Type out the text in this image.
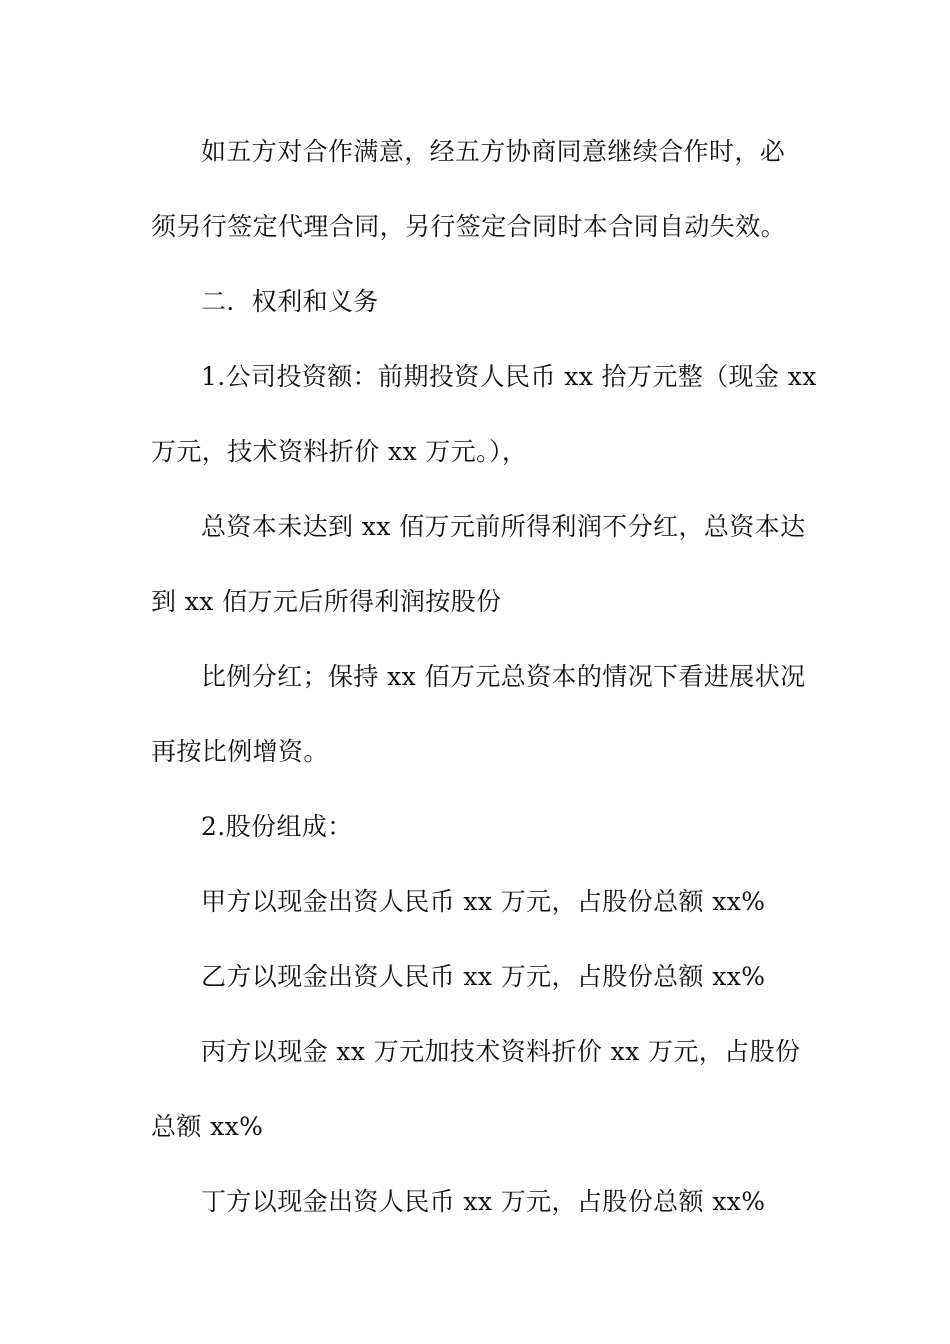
如五方对合作满意，经五方协商同意继续合作时，必
须另行签定代理合同，另行签定合同时本合同自动失效。
二．权利和义务
1.公司投资额：前期投资人民币 xx 拾万元整（现金 xx
万元，技术资料折价 xx 万元。），
总资本未达到 xx 佰万元前所得利润不分红，总资本达
到 xx 佰万元后所得利润按股份
比例分红；保持 xx 佰万元总资本的情况下看进展状况
再按比例增资。
2.股份组成：
甲方以现金出资人民币 xx 万元，占股份总额 xx%
乙方以现金出资人民币 xx 万元，占股份总额 xx%
丙方以现金 xx 万元加技术资料折价 xx 万元，占股份
总额 xx%
丁方以现金出资人民币 xx 万元，占股份总额 xx%
